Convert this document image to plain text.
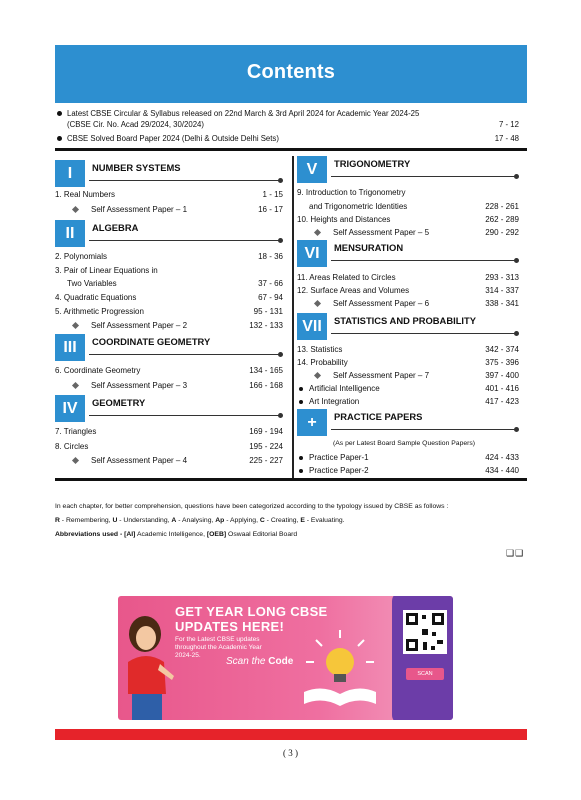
Contents
Latest CBSE Circular & Syllabus released on 22nd March & 3rd April 2024 for Academic Year 2024-25
(CBSE Cir. No. Acad 29/2024, 30/2024)	7 - 12
CBSE Solved Board Paper 2024 (Delhi & Outside Delhi Sets)	17 - 48
I	NUMBER SYSTEMS
1. Real Numbers	1 - 15
Self Assessment Paper – 1	16 - 17
II	ALGEBRA
2. Polynomials	18 - 36
3. Pair of Linear Equations in
Two Variables	37 - 66
4. Quadratic Equations	67 - 94
5. Arithmetic Progression	95 - 131
Self Assessment Paper – 2	132 - 133
III	COORDINATE GEOMETRY
6. Coordinate Geometry	134 - 165
Self Assessment Paper – 3	166 - 168
IV	GEOMETRY
7. Triangles	169 - 194
8. Circles	195 - 224
Self Assessment Paper – 4	225 - 227
V	TRIGONOMETRY
9. Introduction to Trigonometry
and Trigonometric Identities	228 - 261
10. Heights and Distances	262 - 289
Self Assessment Paper – 5	290 - 292
VI	MENSURATION
11. Areas Related to Circles	293 - 313
12. Surface Areas and Volumes	314 - 337
Self Assessment Paper – 6	338 - 341
VII	STATISTICS AND PROBABILITY
13. Statistics	342 - 374
14. Probability	375 - 396
Self Assessment Paper – 7	397 - 400
Artificial Intelligence	401 - 416
Art Integration	417 - 423
+	PRACTICE PAPERS
(As per Latest Board Sample Question Papers)
Practice Paper-1	424 - 433
Practice Paper-2	434 - 440
In each chapter, for better comprehension, questions have been categorized according to the typology issued by CBSE as follows :
R - Remembering, U - Understanding, A - Analysing, Ap - Applying, C - Creating, E - Evaluating.
Abbreviations used - [AI] Academic Intelligence, [OEB] Oswaal Editorial Board
❑❑
GET YEAR LONG CBSE
UPDATES HERE!
For the Latest CBSE updates
throughout the Academic Year
2024-25.
Scan the Code
SCAN
( 3 )
